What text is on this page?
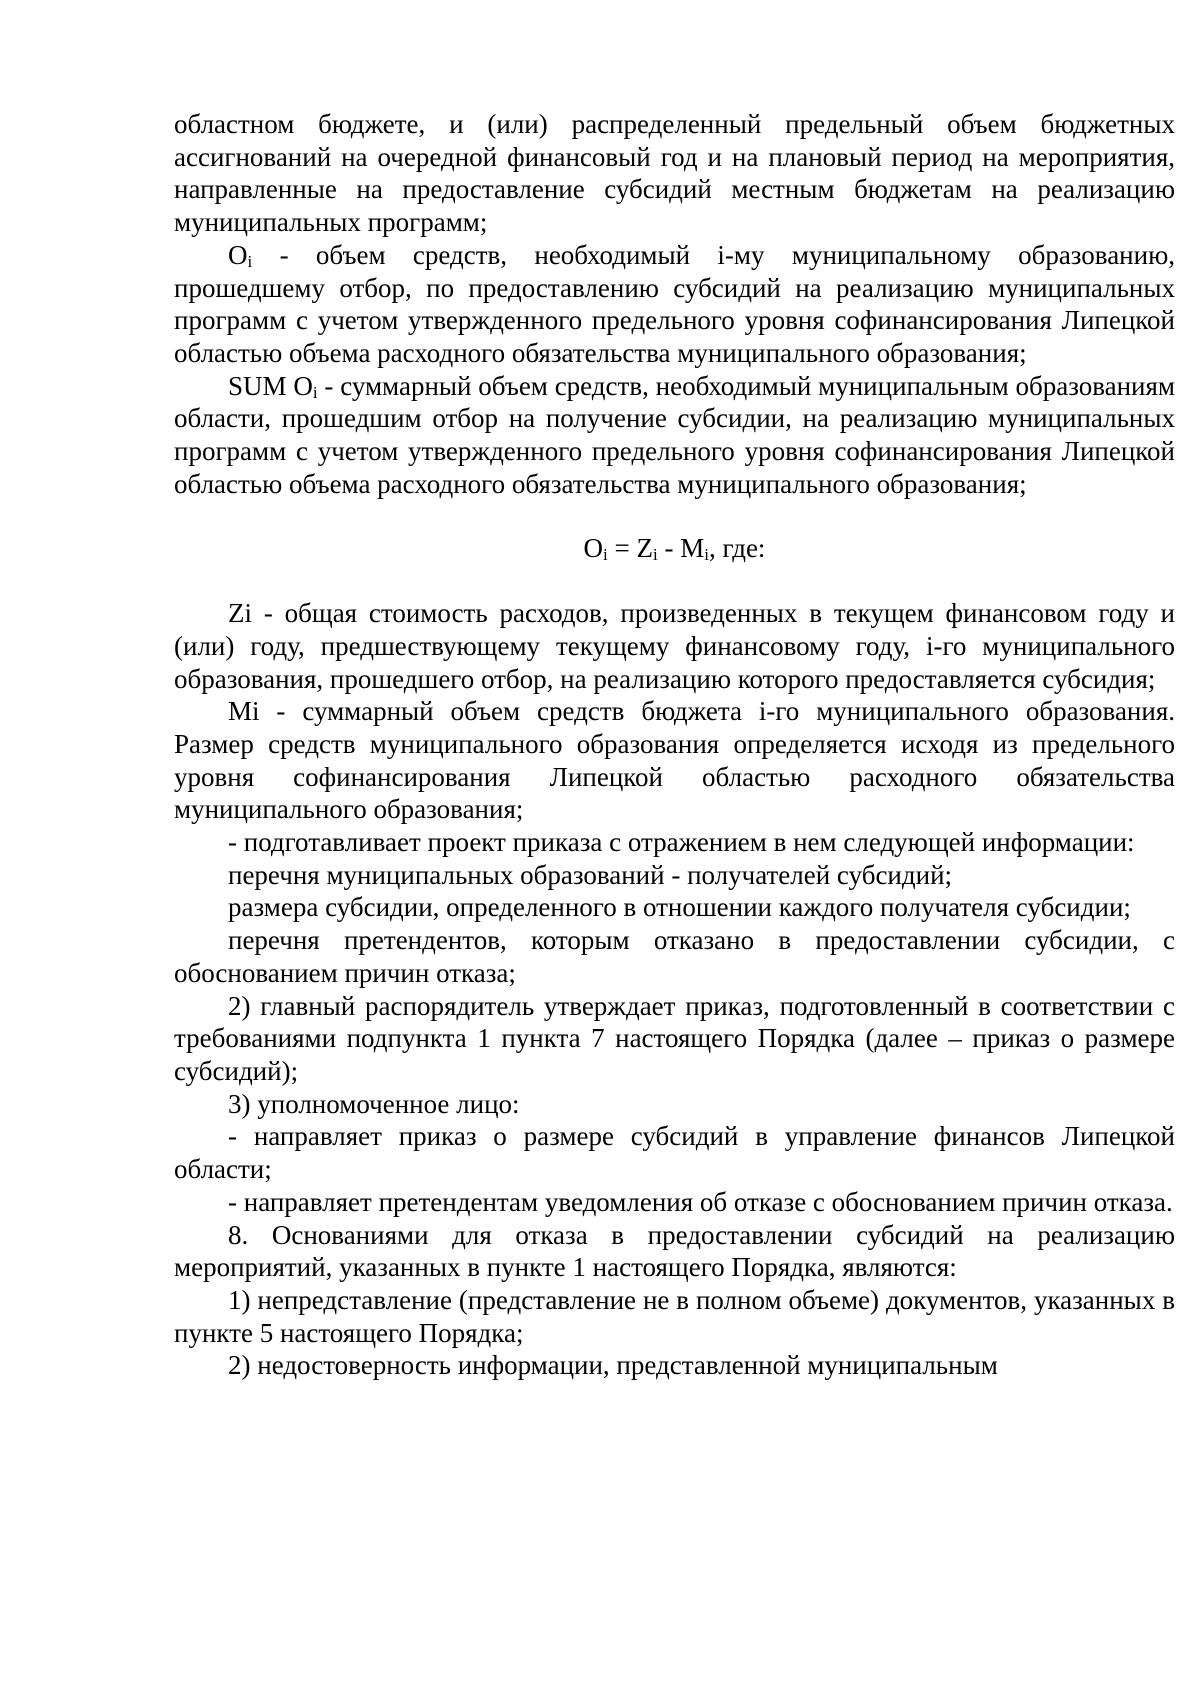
областном бюджете, и (или) распределенный предельный объем бюджетных ассигнований на очередной финансовый год и на плановый период на мероприятия, направленные на предоставление субсидий местным бюджетам на реализацию муниципальных программ;

$O_i$ - объем средств, необходимый i-му муниципальному образованию, прошедшему отбор, по предоставлению субсидий на реализацию муниципальных программ с учетом утвержденного предельного уровня софинансирования Липецкой областью объема расходного обязательства муниципального образования;

SUM $O_i$ - суммарный объем средств, необходимый муниципальным образованиям области, прошедшим отбор на получение субсидии, на реализацию муниципальных программ с учетом утвержденного предельного уровня софинансирования Липецкой областью объема расходного обязательства муниципального образования;

$O_i = Z_i - M_i$, где:

Zi - общая стоимость расходов, произведенных в текущем финансовом году и (или) году, предшествующему текущему финансовому году, i-го муниципального образования, прошедшего отбор, на реализацию которого предоставляется субсидия;

Mi - суммарный объем средств бюджета i-го муниципального образования. Размер средств муниципального образования определяется исходя из предельного уровня софинансирования Липецкой областью расходного обязательства муниципального образования;

- подготавливает проект приказа с отражением в нем следующей информации:

перечня муниципальных образований - получателей субсидий;

размера субсидии, определенного в отношении каждого получателя субсидии;

перечня претендентов, которым отказано в предоставлении субсидии, с обоснованием причин отказа;

2) главный распорядитель утверждает приказ, подготовленный в соответствии с требованиями подпункта 1 пункта 7 настоящего Порядка (далее – приказ о размере субсидий);

3) уполномоченное лицо:

- направляет приказ о размере субсидий в управление финансов Липецкой области;

- направляет претендентам уведомления об отказе с обоснованием причин отказа.

8. Основаниями для отказа в предоставлении субсидий на реализацию мероприятий, указанных в пункте 1 настоящего Порядка, являются:

1) непредставление (представление не в полном объеме) документов, указанных в пункте 5 настоящего Порядка;

2) недостоверность информации, представленной муниципальным
